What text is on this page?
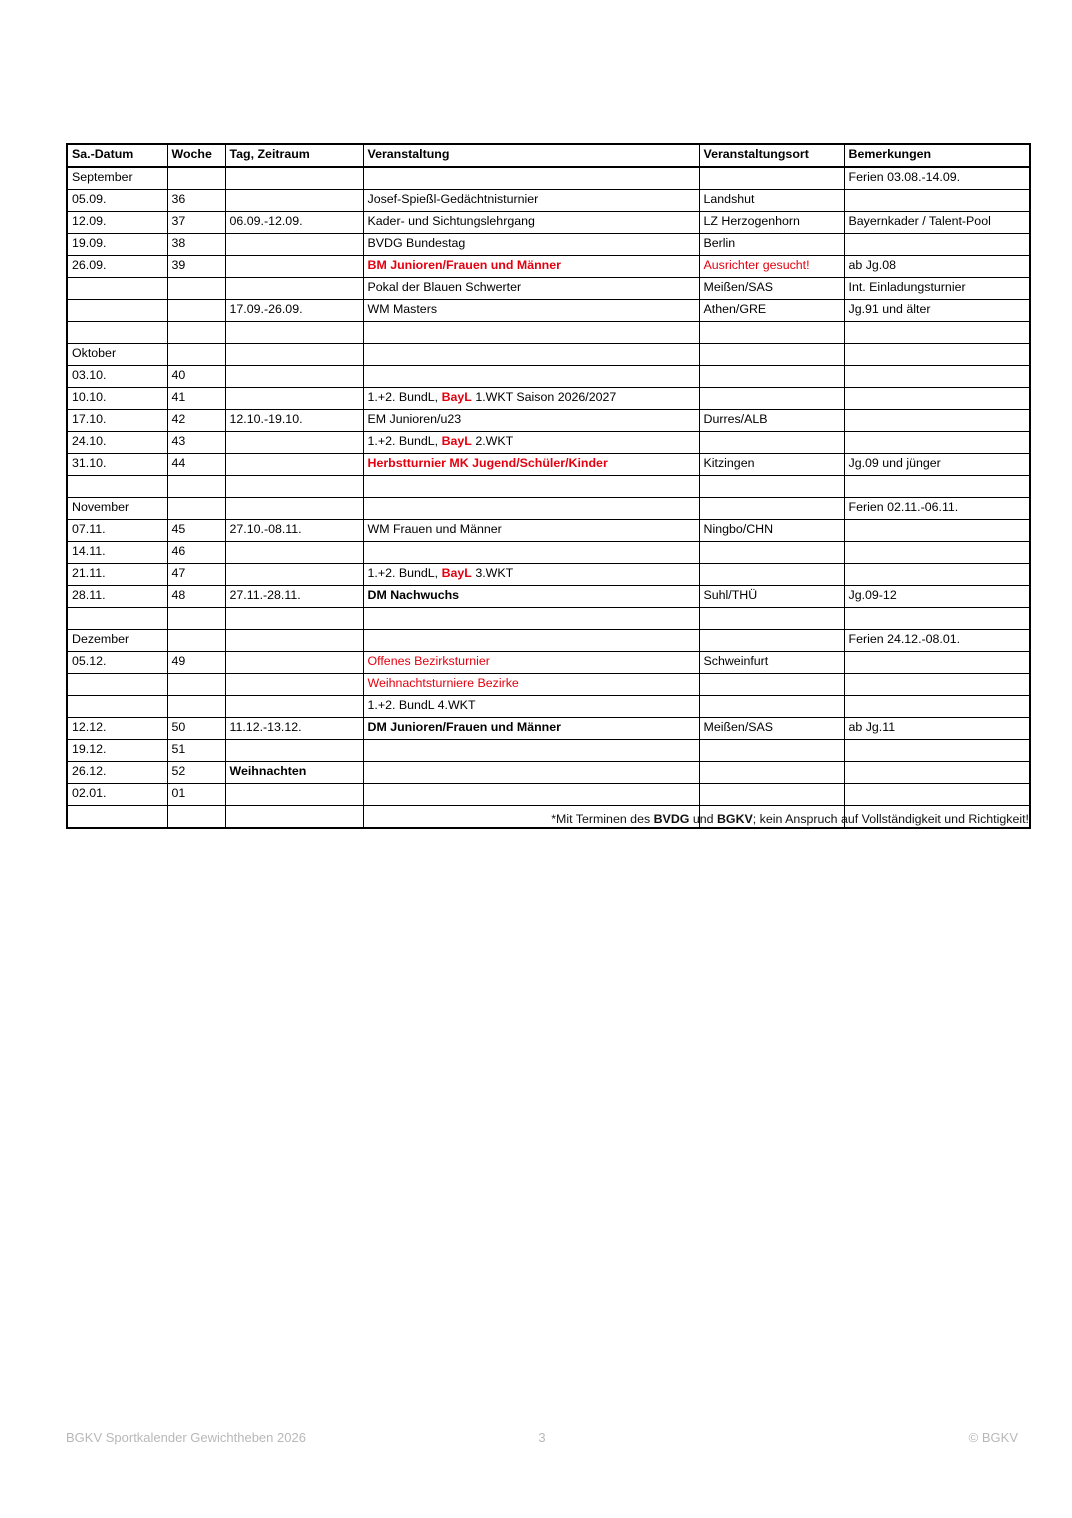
Sa.-Datum	Woche	Tag, Zeitraum	Veranstaltung	Veranstaltungsort	Bemerkungen
September					Ferien 03.08.-14.09.
05.09.	36		Josef-Spießl-Gedächtnisturnier	Landshut	
12.09.	37	06.09.-12.09.	Kader- und Sichtungslehrgang	LZ Herzogenhorn	Bayernkader / Talent-Pool
19.09.	38		BVDG Bundestag	Berlin	
26.09.	39		BM Junioren/Frauen und Männer	Ausrichter gesucht!	ab Jg.08
			Pokal der Blauen Schwerter	Meißen/SAS	Int. Einladungsturnier
		17.09.-26.09.	WM Masters	Athen/GRE	Jg.91 und älter

Oktober					
03.10.	40				
10.10.	41		1.+2. BundL, BayL 1.WKT Saison 2026/2027		
17.10.	42	12.10.-19.10.	EM Junioren/u23	Durres/ALB	
24.10.	43		1.+2. BundL, BayL 2.WKT		
31.10.	44		Herbstturnier MK Jugend/Schüler/Kinder	Kitzingen	Jg.09 und jünger

November					Ferien 02.11.-06.11.
07.11.	45	27.10.-08.11.	WM Frauen und Männer	Ningbo/CHN	
14.11.	46				
21.11.	47		1.+2. BundL, BayL 3.WKT		
28.11.	48	27.11.-28.11.	DM Nachwuchs	Suhl/THÜ	Jg.09-12

Dezember					Ferien 24.12.-08.01.
05.12.	49		Offenes Bezirksturnier	Schweinfurt	
			Weihnachtsturniere Bezirke		
			1.+2. BundL 4.WKT		
12.12.	50	11.12.-13.12.	DM Junioren/Frauen und Männer	Meißen/SAS	ab Jg.11
19.12.	51				
26.12.	52	Weihnachten			
02.01.	01				

*Mit Terminen des BVDG und BGKV; kein Anspruch auf Vollständigkeit und Richtigkeit!
BGKV Sportkalender Gewichtheben 2026	3	© BGKV
